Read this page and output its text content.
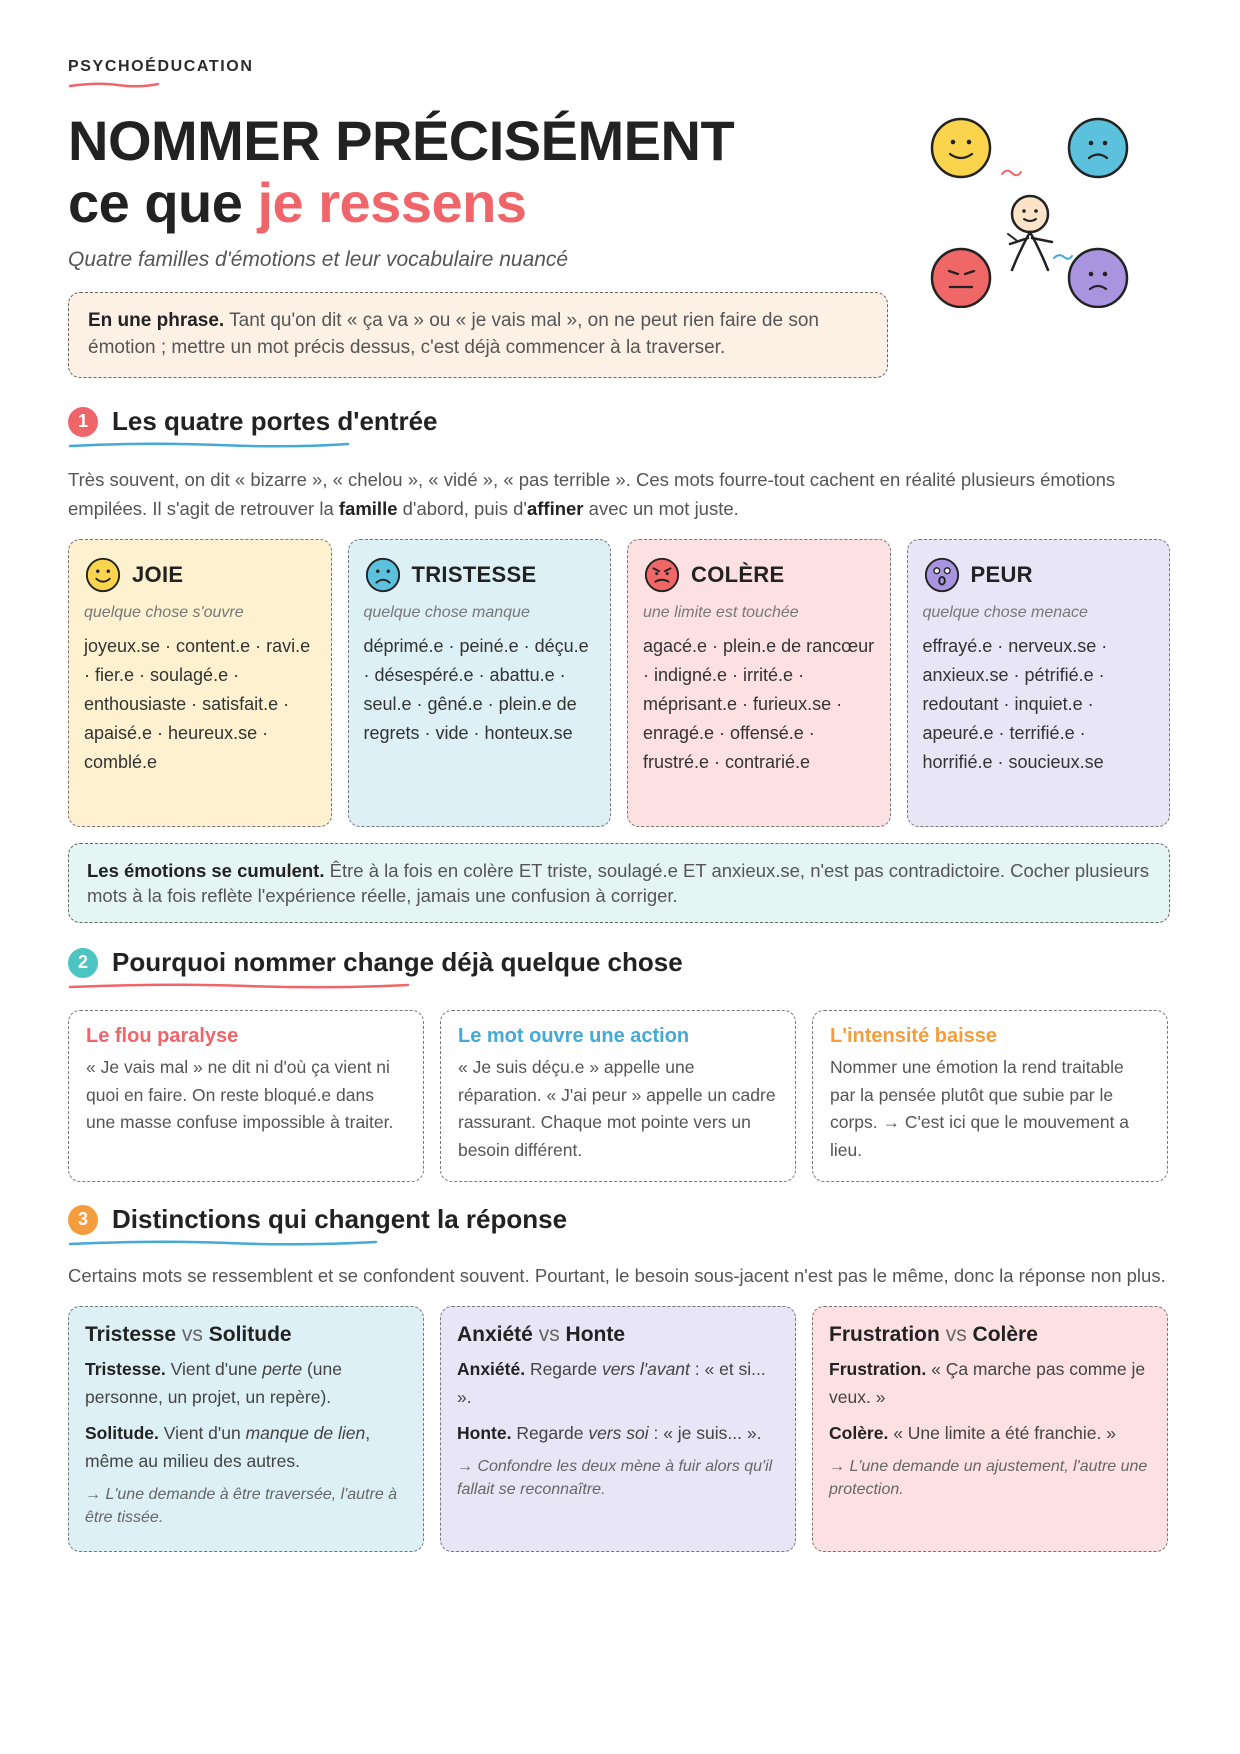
PSYCHOÉDUCATION
NOMMER PRÉCISÉMENT
ce que je ressens
Quatre familles d'émotions et leur vocabulaire nuancé
En une phrase. Tant qu'on dit « ça va » ou « je vais mal », on ne peut rien faire de son émotion ; mettre un mot précis dessus, c'est déjà commencer à la traverser.
1 Les quatre portes d'entrée

Très souvent, on dit « bizarre », « chelou », « vidé », « pas terrible ». Ces mots fourre-tout cachent en réalité plusieurs émotions empilées. Il s'agit de retrouver la famille d'abord, puis d'affiner avec un mot juste.

JOIE
quelque chose s'ouvre
joyeux.se · content.e · ravi.e · fier.e · soulagé.e · enthousiaste · satisfait.e · apaisé.e · heureux.se · comblé.e
TRISTESSE
quelque chose manque
déprimé.e · peiné.e · déçu.e · désespéré.e · abattu.e · seul.e · gêné.e · plein.e de regrets · vide · honteux.se
COLÈRE
une limite est touchée
agacé.e · plein.e de rancœur · indigné.e · irrité.e · méprisant.e · furieux.se · enragé.e · offensé.e · frustré.e · contrarié.e
PEUR
quelque chose menace
effrayé.e · nerveux.se · anxieux.se · pétrifié.e · redoutant · inquiet.e · apeuré.e · terrifié.e · horrifié.e · soucieux.se
Les émotions se cumulent. Être à la fois en colère ET triste, soulagé.e ET anxieux.se, n'est pas contradictoire. Cocher plusieurs mots à la fois reflète l'expérience réelle, jamais une confusion à corriger.
2 Pourquoi nommer change déjà quelque chose
Le flou paralyse
« Je vais mal » ne dit ni d'où ça vient ni quoi en faire. On reste bloqué.e dans une masse confuse impossible à traiter.
Le mot ouvre une action
« Je suis déçu.e » appelle une réparation. « J'ai peur » appelle un cadre rassurant. Chaque mot pointe vers un besoin différent.
L'intensité baisse
Nommer une émotion la rend traitable par la pensée plutôt que subie par le corps. → C'est ici que le mouvement a lieu.
3 Distinctions qui changent la réponse

Certains mots se ressemblent et se confondent souvent. Pourtant, le besoin sous-jacent n'est pas le même, donc la réponse non plus.

Tristesse vs Solitude
Tristesse. Vient d'une perte (une personne, un projet, un repère).
Solitude. Vient d'un manque de lien, même au milieu des autres.
→ L'une demande à être traversée, l'autre à être tissée.
Anxiété vs Honte
Anxiété. Regarde vers l'avant : « et si... ».
Honte. Regarde vers soi : « je suis... ».
→ Confondre les deux mène à fuir alors qu'il fallait se reconnaître.
Frustration vs Colère
Frustration. « Ça marche pas comme je veux. »
Colère. « Une limite a été franchie. »
→ L'une demande un ajustement, l'autre une protection.
